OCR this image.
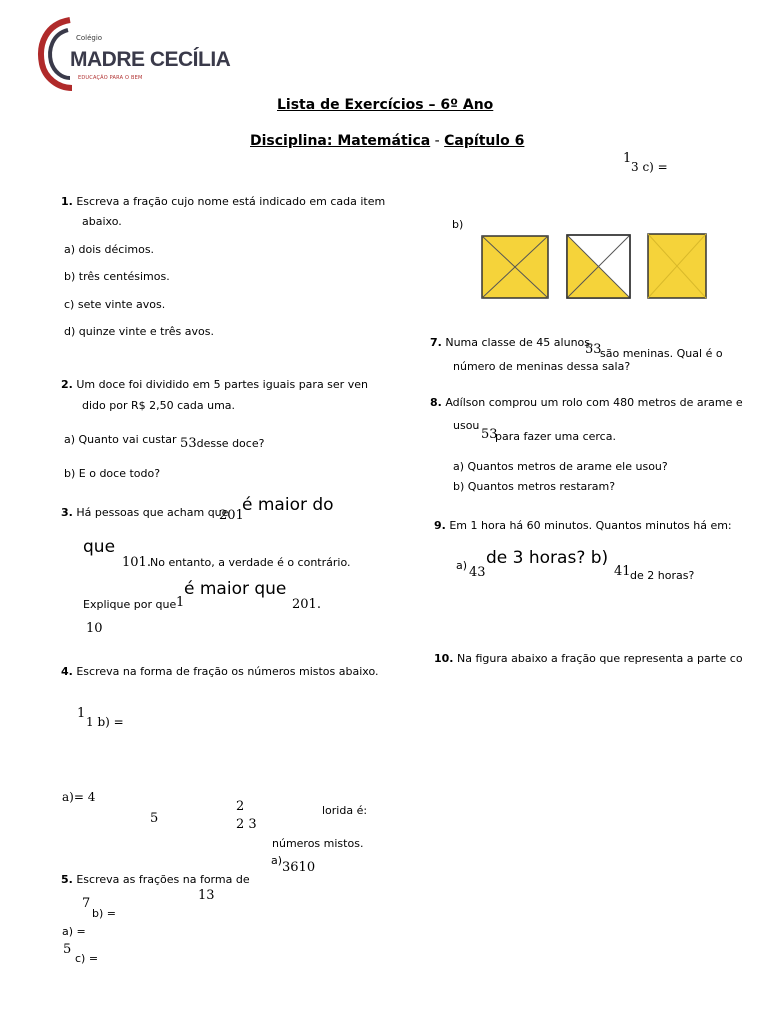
Colégio
MADRE CECÍLIA
EDUCAÇÃO PARA O BEM
Lista de Exercícios – 6º Ano
Disciplina: Matemática - Capítulo 6
1. Escreva a fração cujo nome está indicado em cada item
abaixo.
a) dois décimos.
b) três centésimos.
c) sete vinte avos.
d) quinze vinte e três avos.
2. Um doce foi dividido em 5 partes iguais para ser ven
dido por R$ 2,50 cada uma.
a) Quanto vai custar 53desse doce?
b) E o doce todo?
3. Há pessoas que acham que
201
é maior do
que
101. No entanto, a verdade é o contrário.
é maior que
Explique por que 1	201.
10
4. Escreva na forma de fração os números mistos abaixo.
1
1 b) =
a)= 4
5
2
2 3
lorida é:
números mistos.
a) 3610
5. Escreva as frações na forma de
13
7
b) =
a) =
5
c) =
1
3 c) =
b)
7. Numa classe de 45 alunos,
53
são meninas. Qual é o
número de meninas dessa sala?
8. Adílson comprou um rolo com 480 metros de arame e
usou
53
para fazer uma cerca.
a) Quantos metros de arame ele usou?
b) Quantos metros restaram?
9. Em 1 hora há 60 minutos. Quantos minutos há em:
a) 43
de 3 horas? b)
41 de 2 horas?
10. Na figura abaixo a fração que representa a parte co
